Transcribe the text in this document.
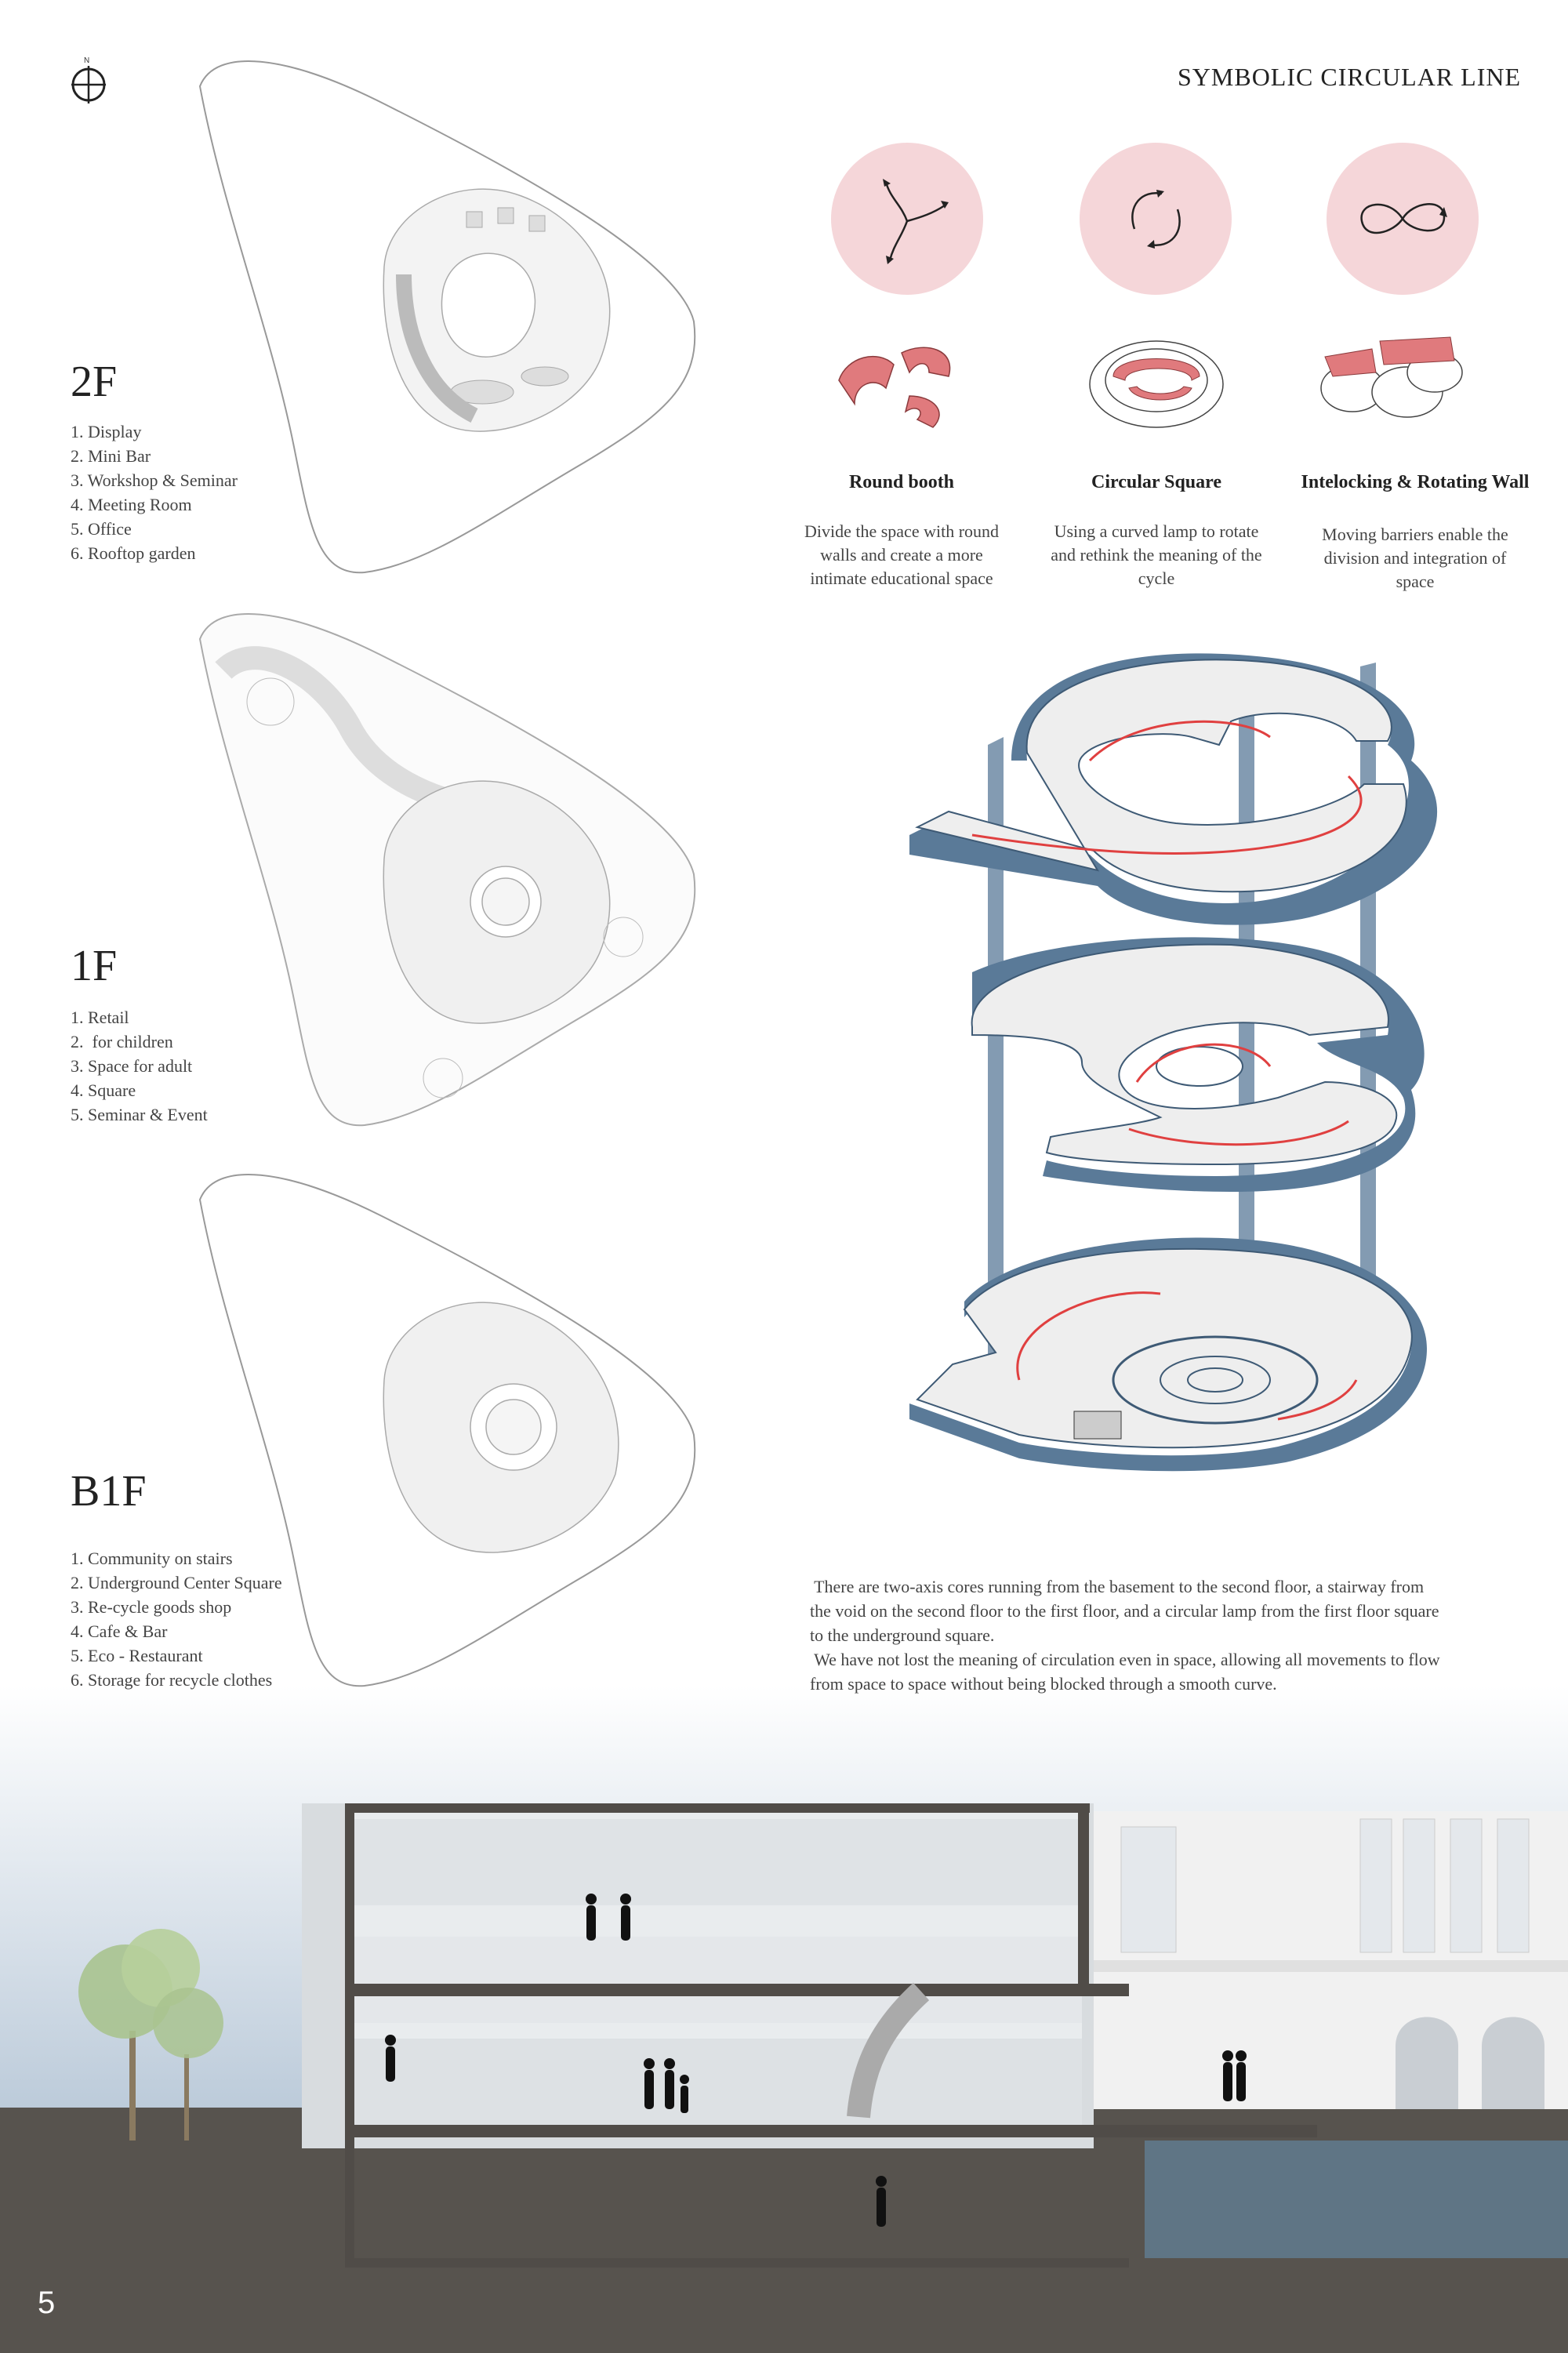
N
SYMBOLIC CIRCULAR LINE
2F
1. Display
2. Mini Bar
3. Workshop & Seminar
4. Meeting Room
5. Office
6. Rooftop garden
1F
1. Retail
2.  for children
3. Space for adult
4. Square
5. Seminar & Event
B1F
1. Community on stairs
2. Underground Center Square
3. Re-cycle goods shop
4. Cafe & Bar
5. Eco - Restaurant
6. Storage for recycle clothes
Round booth	Circular Square	Intelocking & Rotating Wall
Divide the space with round
walls and create a more
intimate educational space
Using a curved lamp to rotate
and rethink the meaning of the
cycle
Moving barriers enable the
division and integration of
space
There are two-axis cores running from the basement to the second floor, a stairway from
the void on the second floor to the first floor, and a circular lamp from the first floor square
to the underground square.
We have not lost the meaning of circulation even in space, allowing all movements to flow
from space to space without being blocked through a smooth curve.
5
